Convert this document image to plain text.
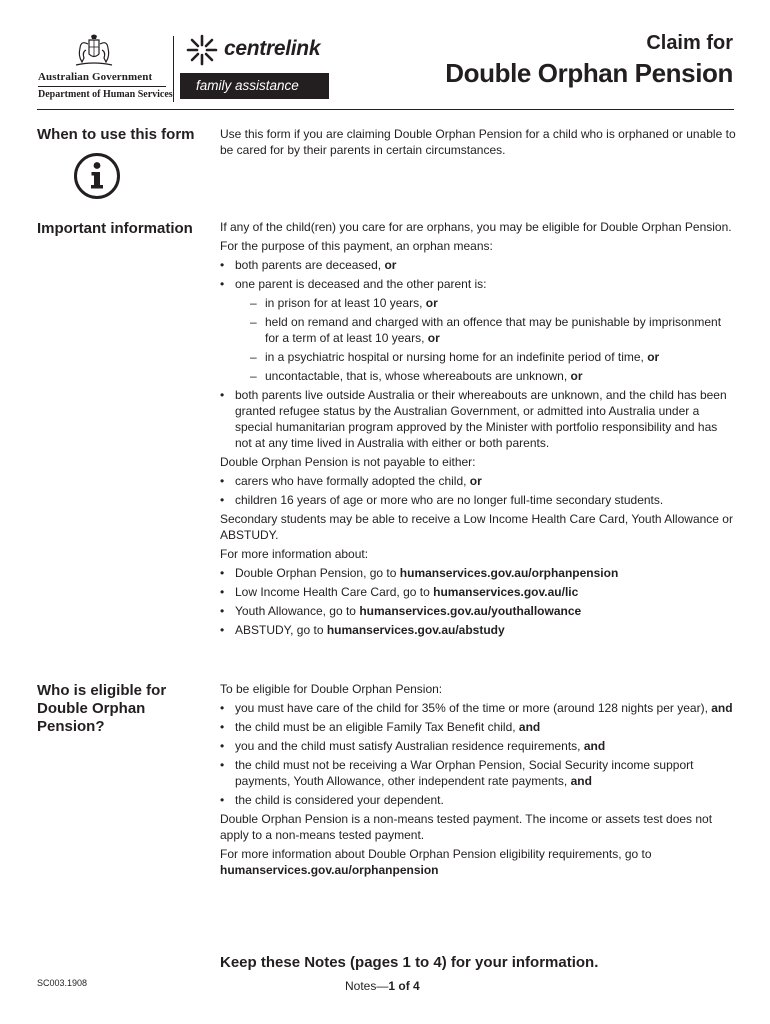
Australian Government
Department of Human Services
centrelink
family assistance
Claim for
Double Orphan Pension
When to use this form	Use this form if you are claiming Double Orphan Pension for a child who is orphaned or unable to be cared for by their parents in certain circumstances.

Important information	If any of the child(ren) you care for are orphans, you may be eligible for Double Orphan Pension.

For the purpose of this payment, an orphan means:

• both parents are deceased, or
• one parent is deceased and the other parent is:
– in prison for at least 10 years, or
– held on remand and charged with an offence that may be punishable by imprisonment for a term of at least 10 years, or
– in a psychiatric hospital or nursing home for an indefinite period of time, or
– uncontactable, that is, whose whereabouts are unknown, or
• both parents live outside Australia or their whereabouts are unknown, and the child has been granted refugee status by the Australian Government, or admitted into Australia under a special humanitarian program approved by the Minister with portfolio responsibility and has not at any time lived in Australia with either or both parents.

Double Orphan Pension is not payable to either:

• carers who have formally adopted the child, or
• children 16 years of age or more who are no longer full-time secondary students.

Secondary students may be able to receive a Low Income Health Care Card, Youth Allowance or ABSTUDY.

For more information about:

• Double Orphan Pension, go to humanservices.gov.au/orphanpension
• Low Income Health Care Card, go to humanservices.gov.au/lic
• Youth Allowance, go to humanservices.gov.au/youthallowance
• ABSTUDY, go to humanservices.gov.au/abstudy
Who is eligible for Double Orphan Pension?

To be eligible for Double Orphan Pension:

• you must have care of the child for 35% of the time or more (around 128 nights per year), and
• the child must be an eligible Family Tax Benefit child, and
• you and the child must satisfy Australian residence requirements, and
• the child must not be receiving a War Orphan Pension, Social Security income support payments, Youth Allowance, other independent rate payments, and
• the child is considered your dependent.

Double Orphan Pension is a non-means tested payment. The income or assets test does not apply to a non-means tested payment.

For more information about Double Orphan Pension eligibility requirements, go to
humanservices.gov.au/orphanpension

Keep these Notes (pages 1 to 4) for your information.
SC003.1908	Notes—1 of 4
